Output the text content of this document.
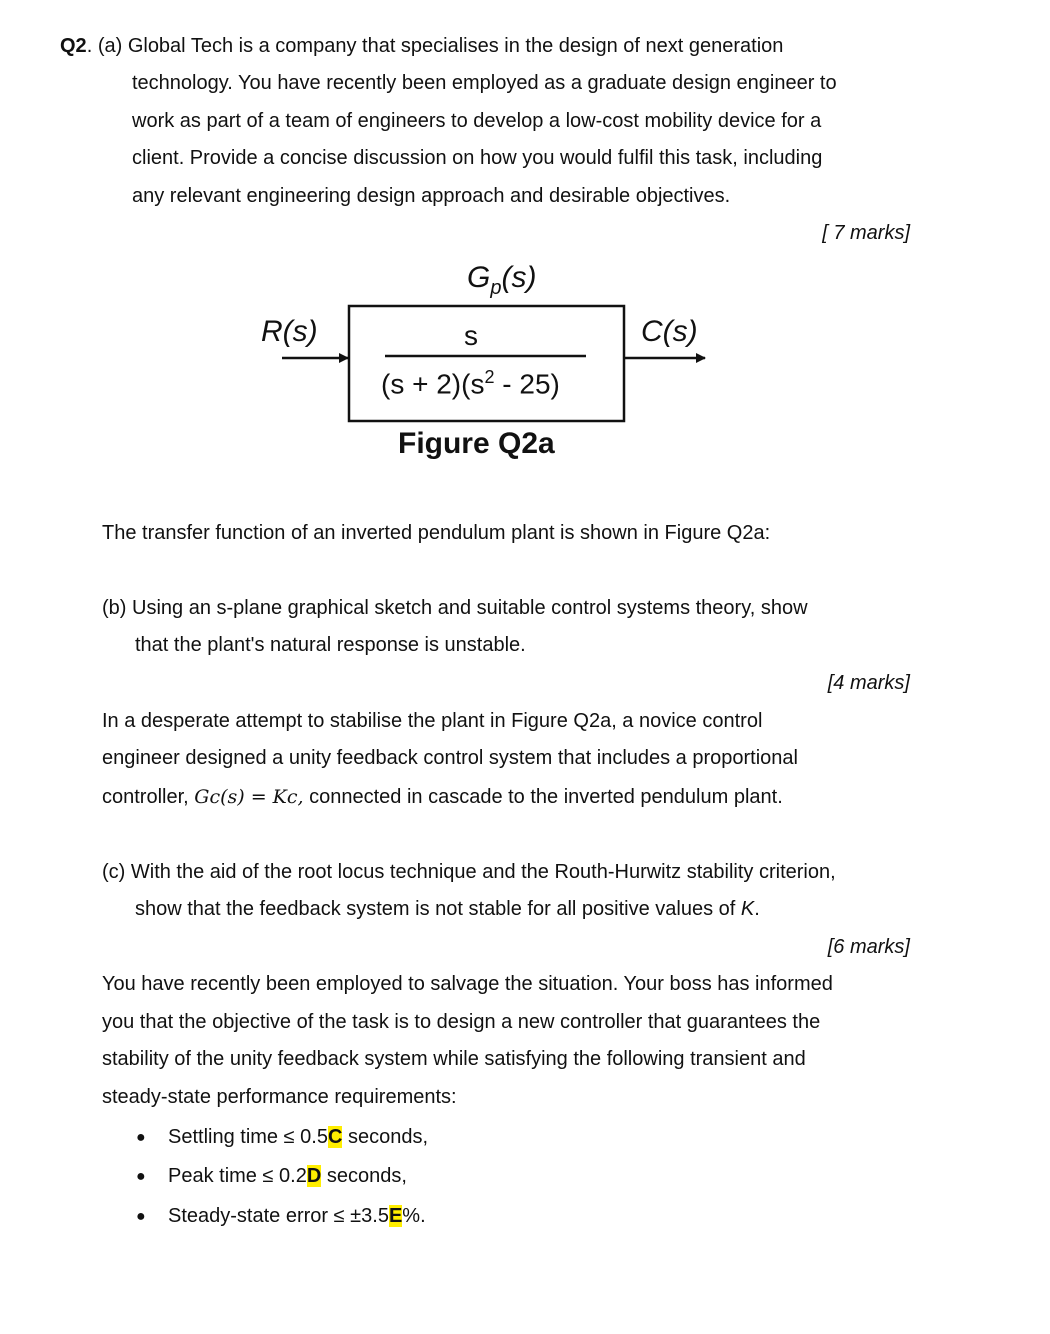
Q2. (a) Global Tech is a company that specialises in the design of next generation
technology. You have recently been employed as a graduate design engineer to
work as part of a team of engineers to develop a low-cost mobility device for a
client. Provide a concise discussion on how you would fulfil this task, including
any relevant engineering design approach and desirable objectives.
[ 7 marks]
$G_p(s)$
R(s)	C(s)
s
$(s + 2)(s^2 - 25)$
Figure Q2a
The transfer function of an inverted pendulum plant is shown in Figure Q2a:
(b) Using an s-plane graphical sketch and suitable control systems theory, show
that the plant's natural response is unstable.
[4 marks]
In a desperate attempt to stabilise the plant in Figure Q2a, a novice control
engineer designed a unity feedback control system that includes a proportional
controller, Gc(s) = Kc, connected in cascade to the inverted pendulum plant.
(c) With the aid of the root locus technique and the Routh-Hurwitz stability criterion,
show that the feedback system is not stable for all positive values of K.
[6 marks]
You have recently been employed to salvage the situation. Your boss has informed
you that the objective of the task is to design a new controller that guarantees the
stability of the unity feedback system while satisfying the following transient and
steady-state performance requirements:
● Settling time ≤ 0.5C seconds,
● Peak time ≤ 0.2D seconds,
● Steady-state error ≤ ±3.5E%.
